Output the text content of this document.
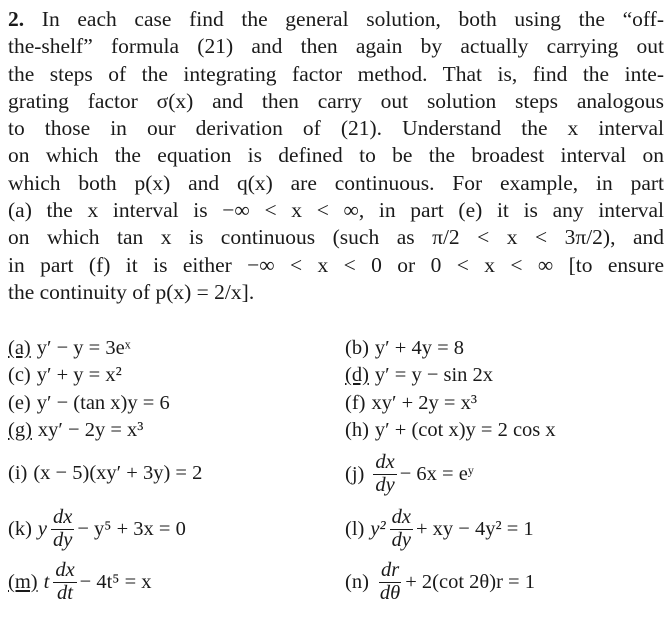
2. In each case find the general solution, both using the “off-
the-shelf” formula (21) and then again by actually carrying out
the steps of the integrating factor method. That is, find the inte-
grating factor σ(x) and then carry out solution steps analogous
to those in our derivation of (21). Understand the x interval
on which the equation is defined to be the broadest interval on
which both p(x) and q(x) are continuous. For example, in part
(a) the x interval is −∞ < x < ∞, in part (e) it is any interval
on which tan x is continuous (such as π/2 < x < 3π/2), and
in part (f) it is either −∞ < x < 0 or 0 < x < ∞ [to ensure
the continuity of p(x) = 2/x].
(a) y′ − y = 3eˣ
(c) y′ + y = x²
(e) y′ − (tan x)y = 6
(g) xy′ − 2y = x³
(i) (x − 5)(xy′ + 3y) = 2
(k) y $\frac{dx}{dy} - y^5 + 3x = 0$
(m) t $\frac{dx}{dt} - 4t^5 = x$
(b) y′ + 4y = 8
(d) y′ = y − sin 2x
(f) xy′ + 2y = x³
(h) y′ + (cot x)y = 2 cos x
$(j) \frac{dx}{dy} - 6x$ = eʸ
(l) $y^2 \frac{dx}{dy}$ + xy − 4y² = 1
$(n) \frac{dr}{d\theta} + 2(\cot$ 2θ)r = 1
